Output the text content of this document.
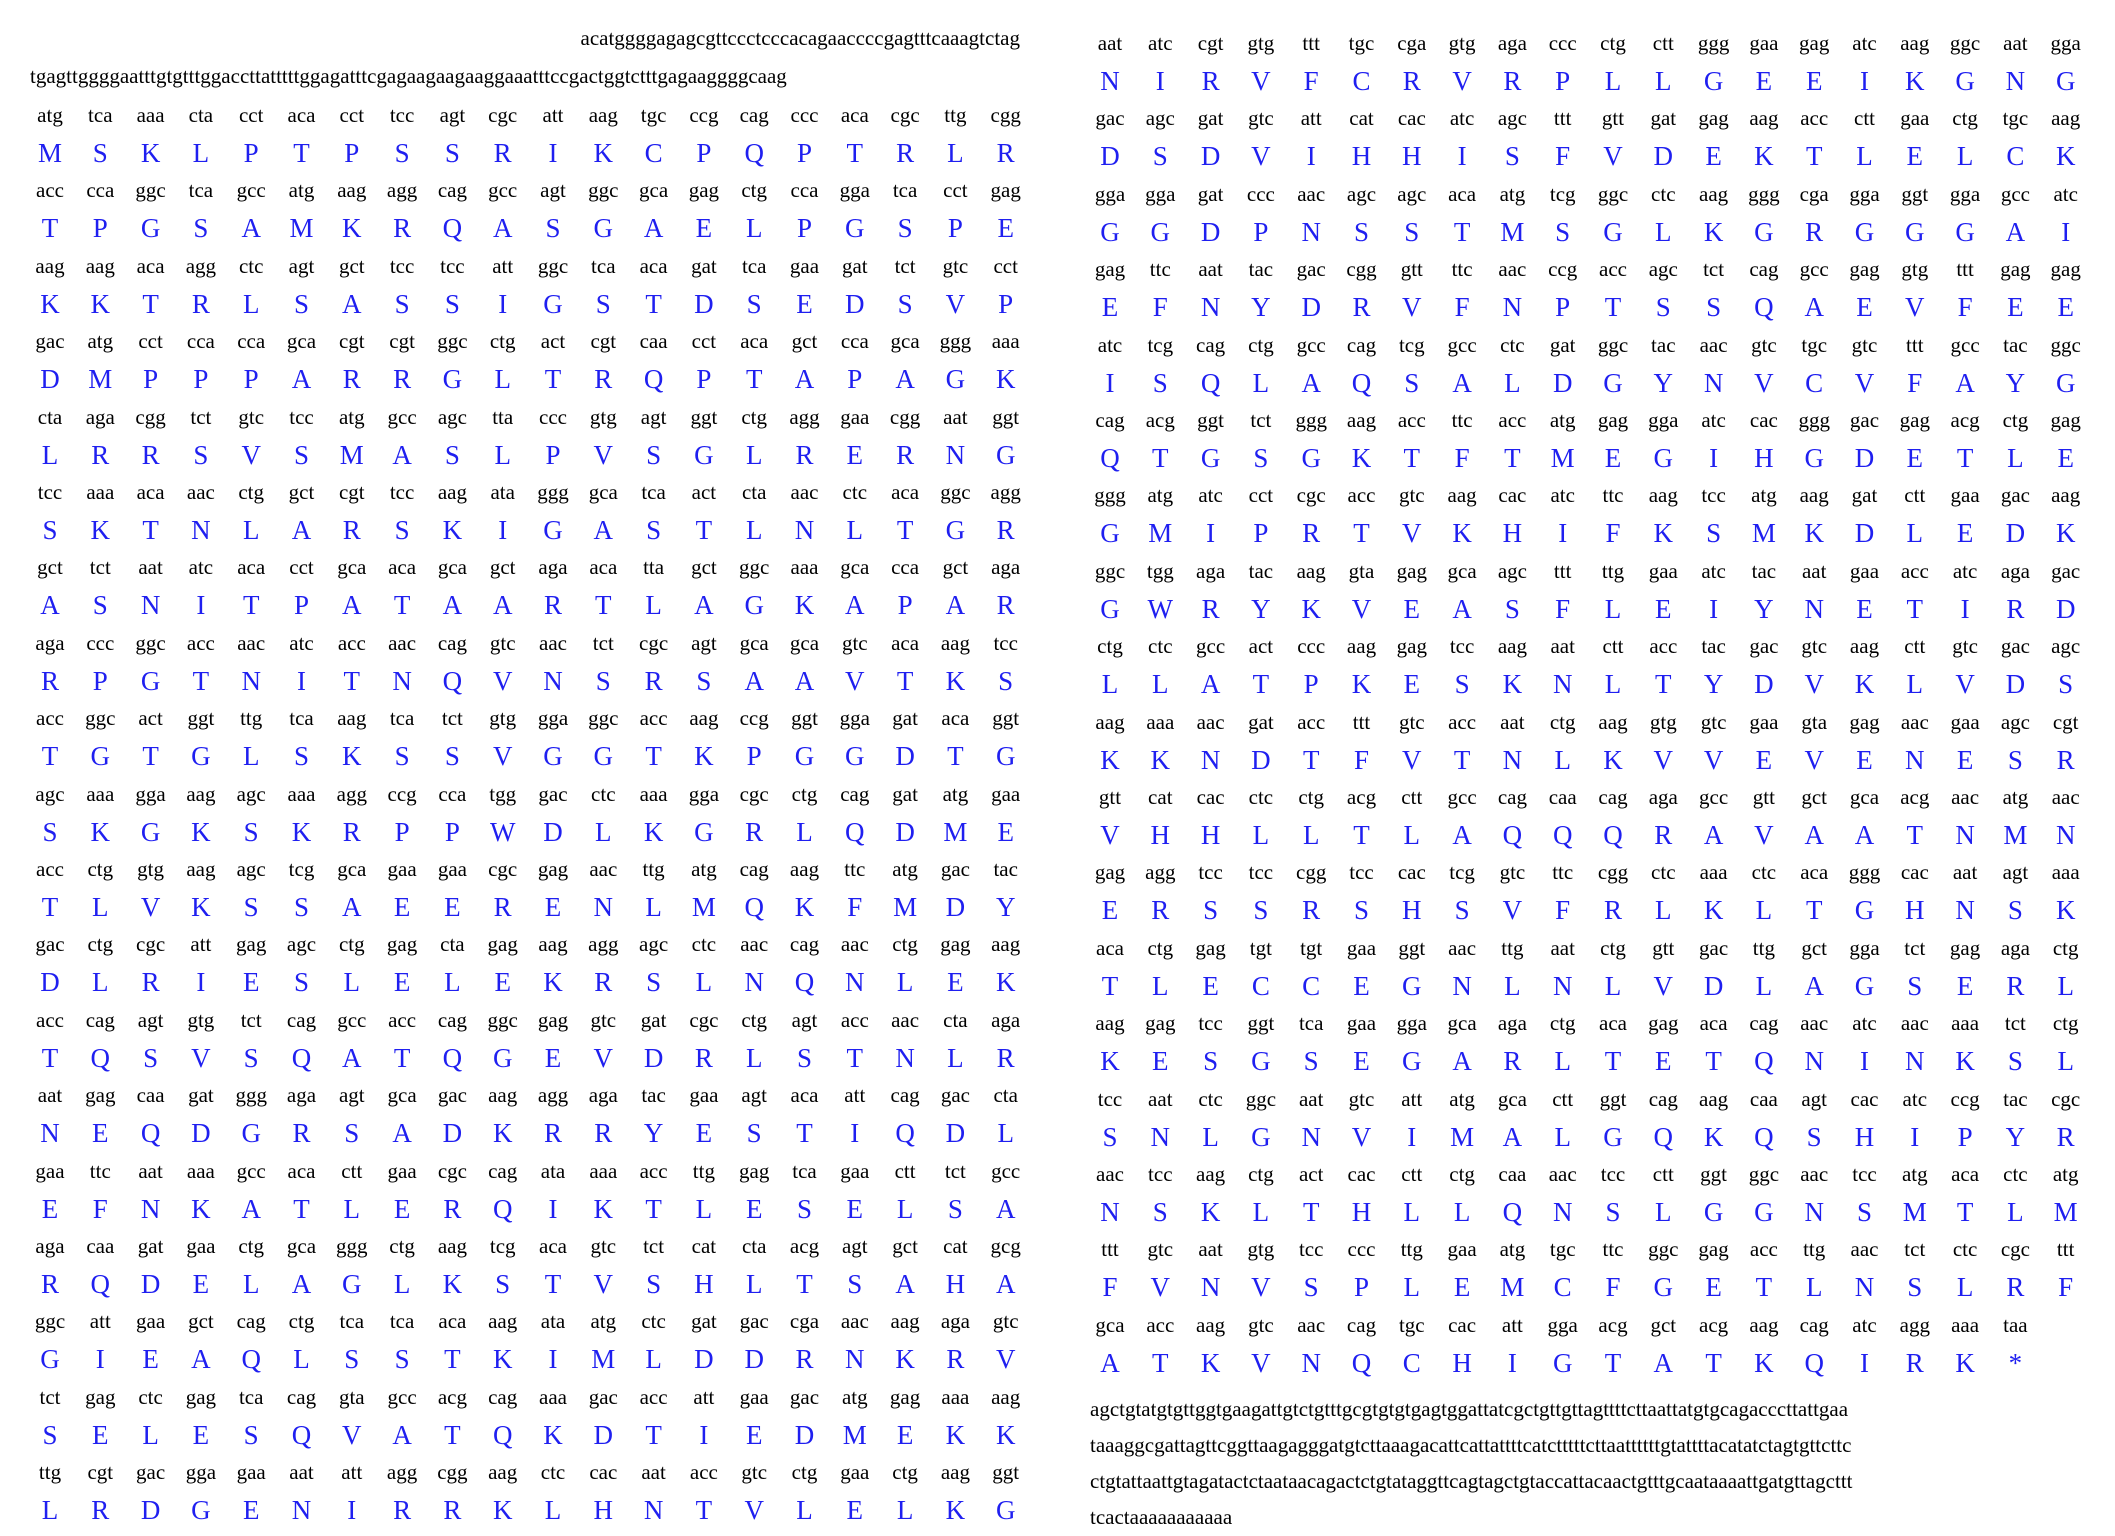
acatggggagagcgttccctcccacagaaccccgagtttcaaagtctag
tgagttggggaatttgtgtttggaccttatttttggagatttcgagaagaagaaggaaatttccgactggtctttgagaaggggcaag
atg	tca	aaa	cta	cct	aca	cct	tcc	agt	cgc	att	aag	tgc	ccg	cag	ccc	aca	cgc	ttg	cgg
M	S	K	L	P	T	P	S	S	R	I	K	C	P	Q	P	T	R	L	R
acc	cca	ggc	tca	gcc	atg	aag agg cag	gcc	agt	ggc gca gag	ctg	cca	gga	tca	cct	gag
T	P	G	S	A	M	K	R	Q	A	S	G	A	E	L	P	G	S	P	E
aag	aag	aca	agg	ctc	agt	gct	tcc	tcc	att	ggc	tca	aca	gat	tca	gaa	gat	tct	gtc	cct
K	K	T	R	L	S	A	S	S	I	G	S	T	D	S	E	D	S	V	P
gac	atg	cct	cca	cca	gca	cgt	cgt	ggc	ctg	act	cgt	caa	cct	aca	gct	cca	gca ggg aaa
D	M	P	P	P	A	R	R	G	L	T	R	Q	P	T	A	P	A	G	K
cta	aga cgg	tct	gtc	tcc	atg	gcc	agc	tta	ccc	gtg	agt	ggt	ctg	agg gaa cgg	aat	ggt
L	R	R	S	V	S	M	A	S	L	P	V	S	G	L	R	E	R	N	G
tcc	aaa	aca	aac	ctg	gct	cgt	tcc	aag	ata	ggg gca	tca	act	cta	aac	ctc	aca	ggc agg
S	K	T	N	L	A	R	S	K	I	G	A	S	T	L	N	L	T	G	R
gct	tct	aat	atc	aca	cct	gca	aca	gca	gct	aga	aca	tta	gct	ggc	aaa	gca	cca	gct	aga
A	S	N	I	T	P	A	T	A	A	R	T	L	A	G	K	A	P	A	R
aga	ccc	ggc	acc	aac	atc	acc	aac	cag	gtc	aac	tct	cgc	agt	gca	gca	gtc	aca	aag	tcc
R	P	G	T	N	I	T	N	Q	V	N	S	R	S	A	A	V	T	K	S
acc	ggc	act	ggt	ttg	tca	aag	tca	tct	gtg	gga ggc	acc	aag	ccg	ggt	gga	gat	aca	ggt
T	G	T	G	L	S	K	S	S	V	G	G	T	K	P	G	G	D	T	G
agc	aaa	gga aag	agc	aaa	agg ccg	cca	tgg	gac	ctc	aaa	gga cgc	ctg	cag	gat	atg	gaa
S	K	G	K	S	K	R	P	P	W	D	L	K	G	R	L	Q	D	M	E
acc	ctg	gtg	aag	agc	tcg	gca	gaa	gaa	cgc gag	aac	ttg	atg	cag	aag	ttc	atg	gac	tac
T	L	V	K	S	S	A	E	E	R	E	N	L	M	Q	K	F	M	D	Y
gac	ctg	cgc	att	gag agc	ctg	gag	cta	gag aag agg agc	ctc	aac	cag	aac	ctg	gag aag
D	L	R	I	E	S	L	E	L	E	K	R	S	L	N	Q	N	L	E	K
acc	cag	agt	gtg	tct	cag	gcc	acc	cag ggc gag	gtc	gat	cgc	ctg	agt	acc	aac	cta	aga
T	Q	S	V	S	Q	A	T	Q	G	E	V	D	R	L	S	T	N	L	R
aat	gag	caa	gat	ggg aga	agt	gca	gac	aag agg aga	tac	gaa	agt	aca	att	cag	gac	cta
N	E	Q	D	G	R	S	A	D	K	R	R	Y	E	S	T	I	Q	D	L
gaa	ttc	aat	aaa	gcc	aca	ctt	gaa	cgc	cag	ata	aaa	acc	ttg	gag	tca	gaa	ctt	tct	gcc
E	F	N	K	A	T	L	E	R	Q	I	K	T	L	E	S	E	L	S	A
aga	caa	gat	gaa	ctg	gca ggg	ctg	aag	tcg	aca	gtc	tct	cat	cta	acg	agt	gct	cat	gcg
R	Q	D	E	L	A	G	L	K	S	T	V	S	H	L	T	S	A	H	A
ggc	att	gaa	gct	cag	ctg	tca	tca	aca	aag	ata	atg	ctc	gat	gac	cga	aac	aag	aga	gtc
G	I	E	A	Q	L	S	S	T	K	I	M	L	D	D	R	N	K	R	V
tct	gag	ctc	gag	tca	cag	gta	gcc	acg	cag	aaa	gac	acc	att	gaa	gac	atg	gag	aaa	aag
S	E	L	E	S	Q	V	A	T	Q	K	D	T	I	E	D	M	E	K	K
ttg	cgt	gac gga gaa	aat	att	agg cgg aag	ctc	cac	aat	acc	gtc	ctg	gaa	ctg	aag	ggt
L	R	D	G	E	N	I	R	R	K	L	H	N	T	V	L	E	L	K	G
aat	atc	cgt	gtg	ttt	tgc	cga	gtg	aga	ccc	ctg	ctt	ggg gaa gag	atc	aag ggc	aat	gga
N	I	R	V	F	C	R	V	R	P	L	L	G	E	E	I	K	G	N	G
gac	agc	gat	gtc	att	cat	cac	atc	agc	ttt	gtt	gat	gag aag	acc	ctt	gaa	ctg	tgc	aag
D	S	D	V	I	H	H	I	S	F	V	D	E	K	T	L	E	L	C	K
gga gga	gat	ccc	aac	agc	agc	aca	atg	tcg	ggc	ctc	aag ggg cga gga	ggt	gga gcc	atc
G	G	D	P	N	S	S	T	M	S	G	L	K	G	R	G	G	G	A	I
gag	ttc	aat	tac	gac cgg	gtt	ttc	aac	ccg	acc	agc	tct	cag	gcc gag	gtg	ttt	gag gag
E	F	N	Y	D	R	V	F	N	P	T	S	S	Q	A	E	V	F	E	E
atc	tcg	cag	ctg	gcc	cag	tcg	gcc	ctc	gat	ggc	tac	aac	gtc	tgc	gtc	ttt	gcc	tac	ggc
I	S	Q	L	A	Q	S	A	L	D	G	Y	N	V	C	V	F	A	Y	G
cag	acg	ggt	tct	ggg aag	acc	ttc	acc	atg	gag gga	atc	cac ggg gac gag acg	ctg	gag
Q	T	G	S	G	K	T	F	T	M	E	G	I	H	G	D	E	T	L	E
ggg	atg	atc	cct	cgc	acc	gtc	aag	cac	atc	ttc	aag	tcc	atg	aag	gat	ctt	gaa	gac	aag
G	M	I	P	R	T	V	K	H	I	F	K	S	M	K	D	L	E	D	K
ggc	tgg	aga	tac	aag	gta	gag gca	agc	ttt	ttg	gaa	atc	tac	aat	gaa	acc	atc	aga	gac
G	W	R	Y	K	V	E	A	S	F	L	E	I	Y	N	E	T	I	R	D
ctg	ctc	gcc	act	ccc	aag gag	tcc	aag	aat	ctt	acc	tac	gac	gtc	aag	ctt	gtc	gac	agc
L	L	A	T	P	K	E	S	K	N	L	T	Y	D	V	K	L	V	D	S
aag	aaa	aac	gat	acc	ttt	gtc	acc	aat	ctg	aag	gtg	gtc	gaa	gta	gag	aac	gaa	agc	cgt
K	K	N	D	T	F	V	T	N	L	K	V	V	E	V	E	N	E	S	R
gtt	cat	cac	ctc	ctg	acg	ctt	gcc	cag	caa	cag	aga	gcc	gtt	gct	gca	acg	aac	atg	aac
V	H	H	L	L	T	L	A	Q	Q	Q	R	A	V	A	A	T	N	M	N
gag agg	tcc	tcc	cgg	tcc	cac	tcg	gtc	ttc	cgg	ctc	aaa	ctc	aca ggg cac	aat	agt	aaa
E	R	S	S	R	S	H	S	V	F	R	L	K	L	T	G	H	N	S	K
aca	ctg	gag	tgt	tgt	gaa	ggt	aac	ttg	aat	ctg	gtt	gac	ttg	gct	gga	tct	gag aga	ctg
T	L	E	C	C	E	G	N	L	N	L	V	D	L	A	G	S	E	R	L
aag gag	tcc	ggt	tca	gaa gga gca	aga	ctg	aca	gag	aca	cag	aac	atc	aac	aaa	tct	ctg
K	E	S	G	S	E	G	A	R	L	T	E	T	Q	N	I	N	K	S	L
tcc	aat	ctc	ggc	aat	gtc	att	atg	gca	ctt	ggt	cag	aag	caa	agt	cac	atc	ccg	tac	cgc
S	N	L	G	N	V	I	M	A	L	G	Q	K	Q	S	H	I	P	Y	R
aac	tcc	aag	ctg	act	cac	ctt	ctg	caa	aac	tcc	ctt	ggt	ggc	aac	tcc	atg	aca	ctc	atg
N	S	K	L	T	H	L	L	Q	N	S	L	G	G	N	S	M	T	L	M
ttt	gtc	aat	gtg	tcc	ccc	ttg	gaa	atg	tgc	ttc	ggc gag	acc	ttg	aac	tct	ctc	cgc	ttt
F	V	N	V	S	P	L	E	M	C	F	G	E	T	L	N	S	L	R	F
gca	acc	aag	gtc	aac	cag	tgc	cac	att	gga acg	gct	acg	aag	cag	atc	agg	aaa	taa
A	T	K	V	N	Q	C	H	I	G	T	A	T	K	Q	I	R	K	*
agctgtatgtgttggtgaagattgtctgtttgcgtgtgtgagtggattatcgctgttgttagttttcttaattatgtgcagacccttattgaa
taaaggcgattagttcggttaagagggatgtcttaaagacattcattattttcatctttttcttaattttttgtattttacatatctagtgttcttc
ctgtattaattgtagatactctaataacagactctgtataggttcagtagctgtaccattacaactgtttgcaataaaattgatgttagcttt
tcactaaaaaaaaaaa
